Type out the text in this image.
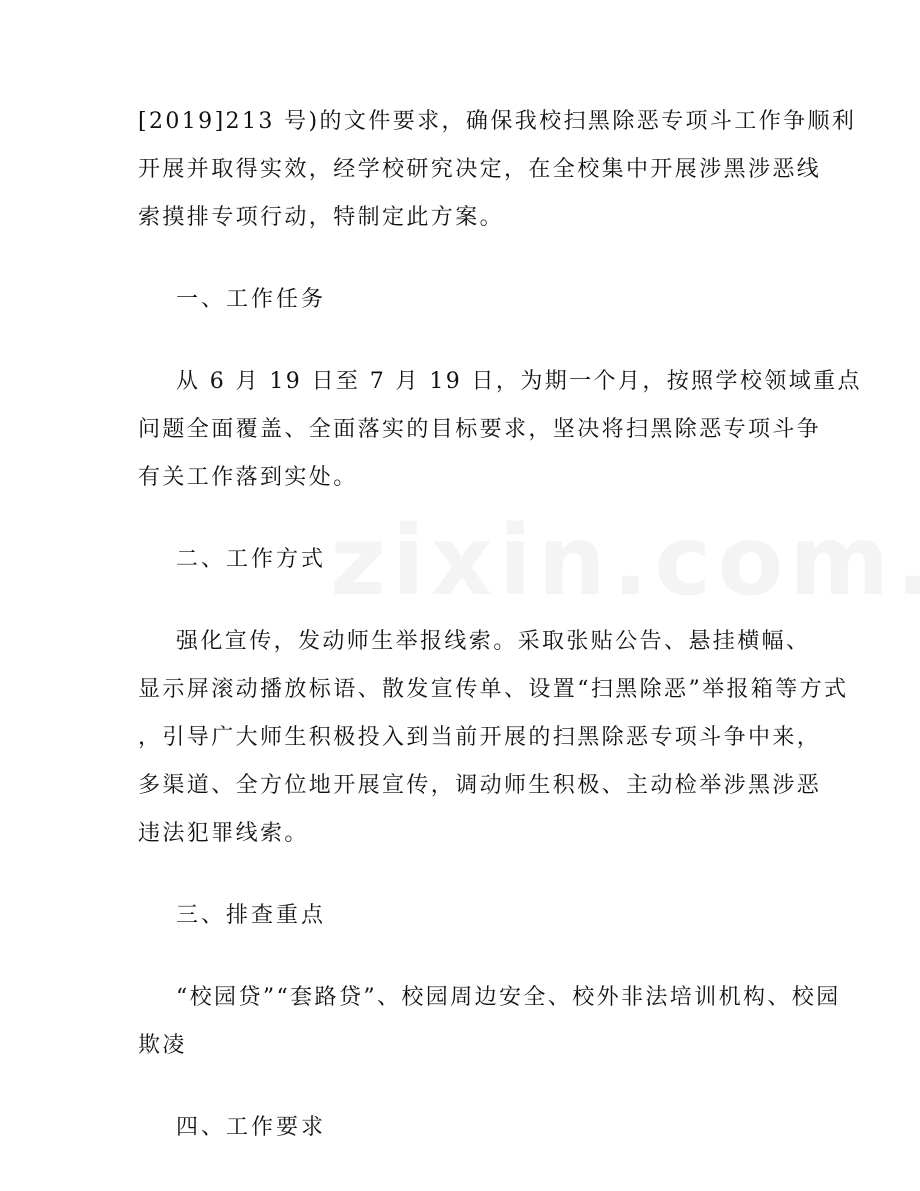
[2019]213 号)的文件要求，确保我校扫黑除恶专项斗工作争顺利
开展并取得实效，经学校研究决定，在全校集中开展涉黑涉恶线
索摸排专项行动，特制定此方案。
一、工作任务
从 6 月 19 日至 7 月 19 日，为期一个月，按照学校领域重点
问题全面覆盖、全面落实的目标要求，坚决将扫黑除恶专项斗争
有关工作落到实处。
二、工作方式
强化宣传，发动师生举报线索。采取张贴公告、悬挂横幅、
显示屏滚动播放标语、散发宣传单、设置“扫黑除恶”举报箱等方式
，引导广大师生积极投入到当前开展的扫黑除恶专项斗争中来，
多渠道、全方位地开展宣传，调动师生积极、主动检举涉黑涉恶
违法犯罪线索。
三、排查重点
“校园贷”“套路贷”、校园周边安全、校外非法培训机构、校园
欺凌
四、工作要求
